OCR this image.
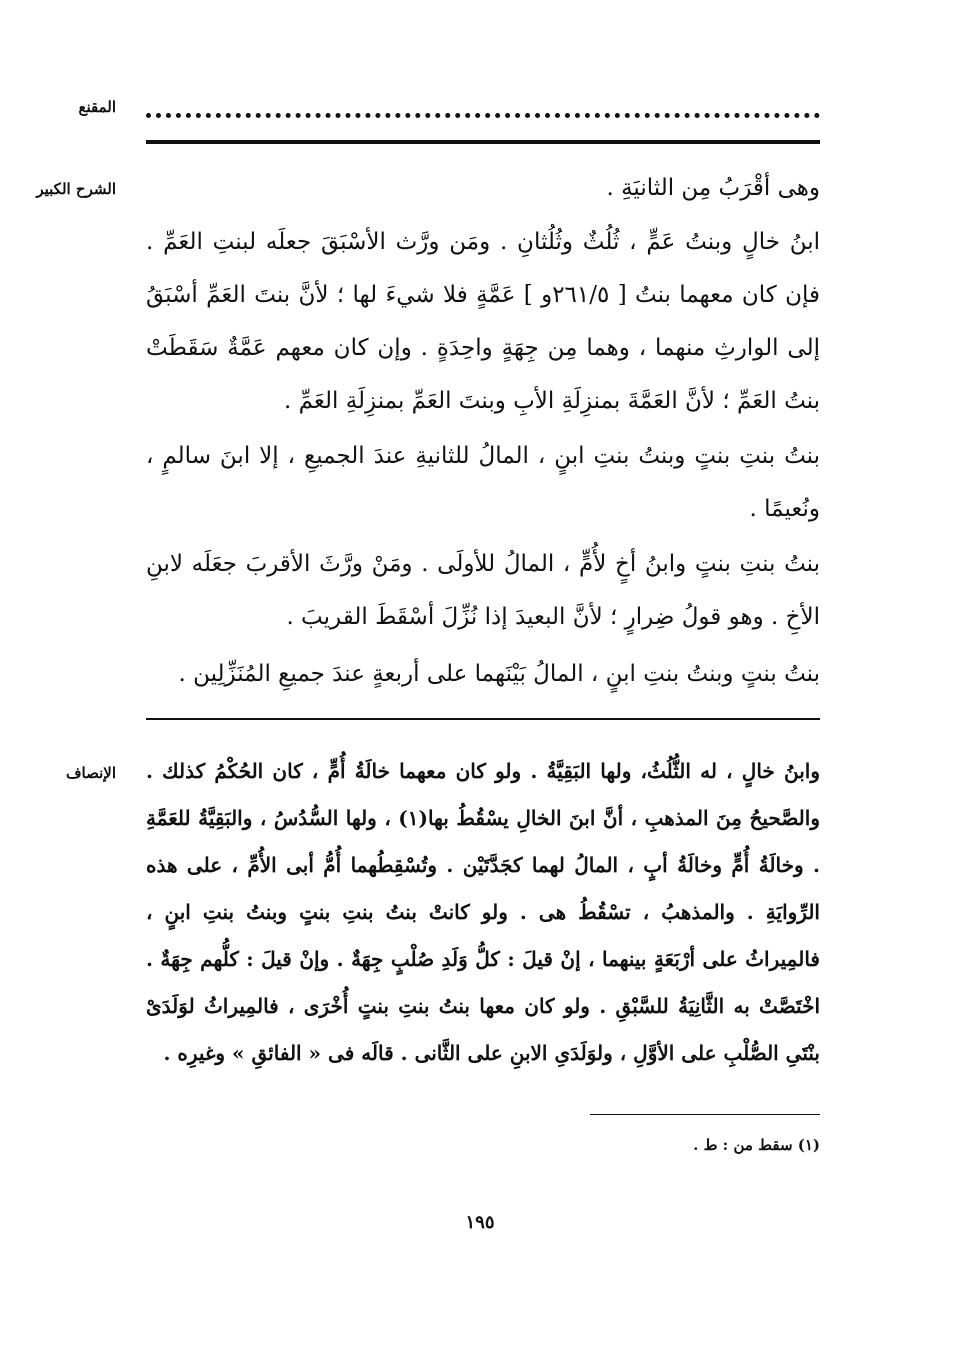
المقنع
الشرح الكبير
الإنصاف
وهى أقْرَبُ مِن الثانيَةِ .
ابنُ خالٍ وبنتُ عَمٍّ ، ثُلُثٌ وثُلُثانِ . ومَن ورَّث الأسْبَقَ جعلَه لبنتِ العَمِّ . فإن كان معهما بنتُ [ ٢٦١/٥و ] عَمَّةٍ فلا شيءَ لها ؛ لأنَّ بنتَ العَمِّ أسْبَقُ إلى الوارثِ منهما ، وهما مِن جِهَةٍ واحِدَةٍ . وإن كان معهم عَمَّةٌ سَقَطَتْ بنتُ العَمِّ ؛ لأنَّ العَمَّةَ بمنزِلَةِ الأبِ وبنتَ العَمِّ بمنزِلَةِ العَمِّ .
بنتُ بنتِ بنتٍ وبنتُ بنتِ ابنٍ ، المالُ للثانيةِ عندَ الجميعِ ، إلا ابنَ سالمٍ ، ونُعيمًا .
بنتُ بنتِ بنتٍ وابنُ أخٍ لأُمٍّ ، المالُ للأولَى . ومَنْ ورَّثَ الأقربَ جعَلَه لابنِ الأخِ . وهو قولُ ضِرارٍ ؛ لأنَّ البعيدَ إذا نُزِّلَ أسْقَطَ القريبَ .
بنتُ بنتٍ وبنتُ بنتِ ابنٍ ، المالُ بَيْنَهما على أربعةٍ عندَ جميعِ المُنَزِّلِين .
وابنُ خالٍ ، له الثُّلُثُ، ولها البَقِيَّةُ . ولو كان معهما خالَةُ أُمٍّ ، كان الحُكْمُ كذلك . والصَّحيحُ مِنَ المذهبِ ، أنَّ ابنَ الخالِ يسْقُطُ بها(١) ، ولها السُّدُسُ ، والبَقِيَّةُ للعَمَّةِ . وخالَةُ أُمٍّ وخالَةُ أبٍ ، المالُ لهما كجَدَّتَيْن . وتُسْقِطُهما أُمُّ أبى الأُمِّ ، على هذه الرِّوايَةِ . والمذهبُ ، تسْقُطُ هى . ولو كانتْ بنتُ بنتِ بنتٍ وبنتُ بنتِ ابنٍ ، فالمِيراثُ على أرْبَعَةٍ بينهما ، إنْ قيلَ : كلُّ وَلَدِ صُلْبٍ جِهَةٌ . وإنْ قيلَ : كلُّهم جِهَةٌ . اخْتَصَّتْ به الثَّانِيَةُ للسَّبْقِ . ولو كان معها بنتُ بنتِ بنتٍ أُخْرَى ، فالمِيراثُ لوَلَدَىْ بنْتَىِ الصُّلْبِ على الأوَّلِ ، ولوَلَدَىِ الابنِ على الثَّانى . قالَه فى « الفائقِ » وغيرِه .
(١) سقط من : ط .
١٩٥
